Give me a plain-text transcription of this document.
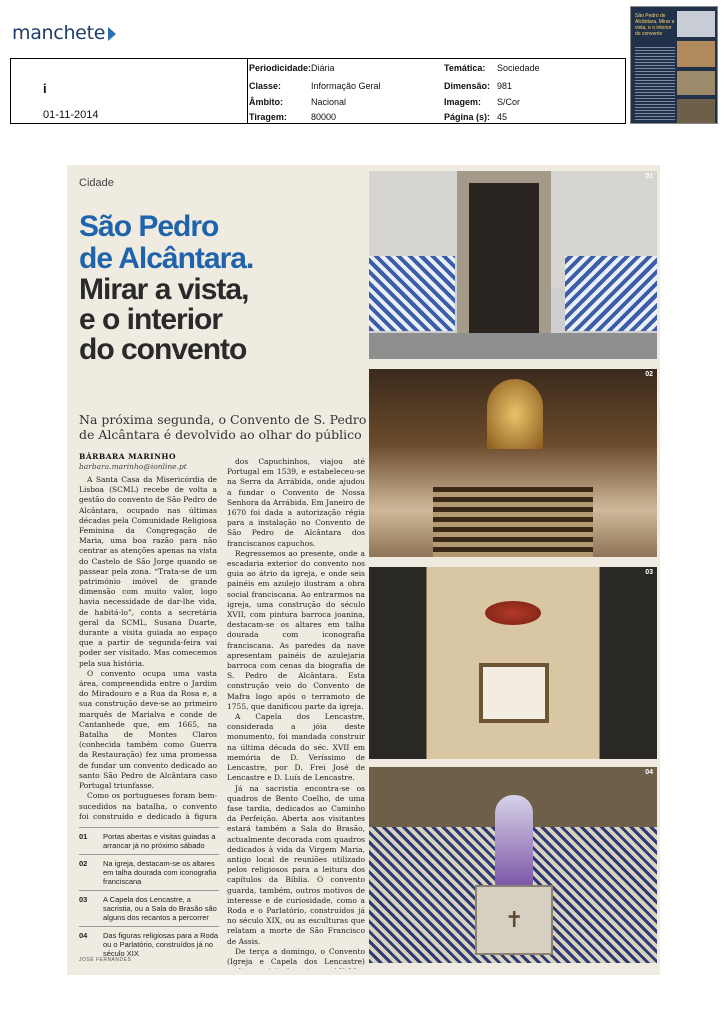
manchete
São Pedro de Alcântara. Mirar a vista, e o interior do convento
i
01-11-2014
Periodicidade: Diária
Classe:	Informação Geral
Âmbito:	Nacional
Tiragem:	80000
Temática: Sociedade
Dimensão: 981
Imagem: S/Cor
Página (s): 45
Cidade
São Pedro
de Alcântara.
Mirar a vista,
e o interior
do convento
Na próxima segunda, o Convento de S. Pedro de Alcântara é devolvido ao olhar do público
BÁRBARA MARINHO
barbara.marinho@ionline.pt

A Santa Casa da Misericórdia de Lisboa (SCML) recebe de volta a gestão do convento de São Pedro de Alcântara, ocupado nas últimas décadas pela Comunidade Religiosa Feminina da Congregação de Maria, uma boa razão para não centrar as atenções apenas na vista do Castelo de São Jorge quando se passear pela zona. “Trata-se de um património imóvel de grande dimensão com muito valor, logo havia necessidade de dar-lhe vida, de habitá-lo”, conta a secretária geral da SCML, Susana Duarte, durante a visita guiada ao espaço que a partir de segunda-feira vai poder ser visitado. Mas comecemos pela sua história.

O convento ocupa uma vasta área, compreendida entre o Jardim do Miradouro e a Rua da Rosa e, a sua construção deve-se ao primeiro marquês de Marialva e conde de Cantanhede que, em 1665, na Batalha de Montes Claros (conhecida também como Guerra da Restauração) fez uma promessa de fundar um convento dedicado ao santo São Pedro de Alcântara caso Portugal triunfasse.

Como os portugueses foram bem-sucedidos na batalha, o convento foi construído e dedicado à figura

dos Capuchinhos, viajou até Portugal em 1539, e estabeleceu-se na Serra da Arrábida, onde ajudou a fundar o Convento de Nossa Senhora da Arrábida. Em Janeiro de 1670 foi dada a autorização régia para a instalação no Convento de São Pedro de Alcântara dos franciscanos capuchos.

Regressemos ao presente, onde a escadaria exterior do convento nos guia ao átrio da igreja, e onde seis painéis em azulejo ilustram a obra social franciscana. Ao entrarmos na igreja, uma construção do século XVII, com pintura barroca joanina, destacam-se os altares em talha dourada com iconografia franciscana. As paredes da nave apresentam painéis de azulejaria barroca com cenas da biografia de S. Pedro de Alcântara. Esta construção veio do Convento de Mafra logo após o terramoto de 1755, que danificou parte da igreja.

A Capela dos Lencastre, considerada a jóia deste monumento, foi mandada construir na última década do séc. XVII em memória de D. Veríssimo de Lencastre, por D. Frei José de Lencastre e D. Luís de Lencastre.

Já na sacristia encontra-se os quadros de Bento Coelho, de uma fase tardia, dedicados ao Caminho da Perfeição. Aberta aos visitantes estará também a Sala do Brasão, actualmente decorada com quadros dedicados à vida da Virgem Maria, antigo local de reuniões utilizado pelos religiosos para a leitura dos capítulos da Bíblia. O convento guarda, também, outros motivos de interesse e de curiosidade, como a Roda e o Parlatório, construídos já no século XIX, ou as esculturas que relatam a morte de São Francisco de Assis.

De terça a domingo, o Convento (Igreja e Capela dos Lencastre)

01 Portas abertas e visitas guiadas a arrancar já no próximo sábado
02 Na igreja, destacam-se os altares em talha dourada com iconografia franciscana
03 A Capela dos Lencastre, a sacristia, ou a Sala do Brasão são alguns dos recantos a percorrer
04 Das figuras religiosas para a Roda ou o Parlatório, construídos já no século XIX
JOSÉ FERNANDES
01
02
03
✝
04
